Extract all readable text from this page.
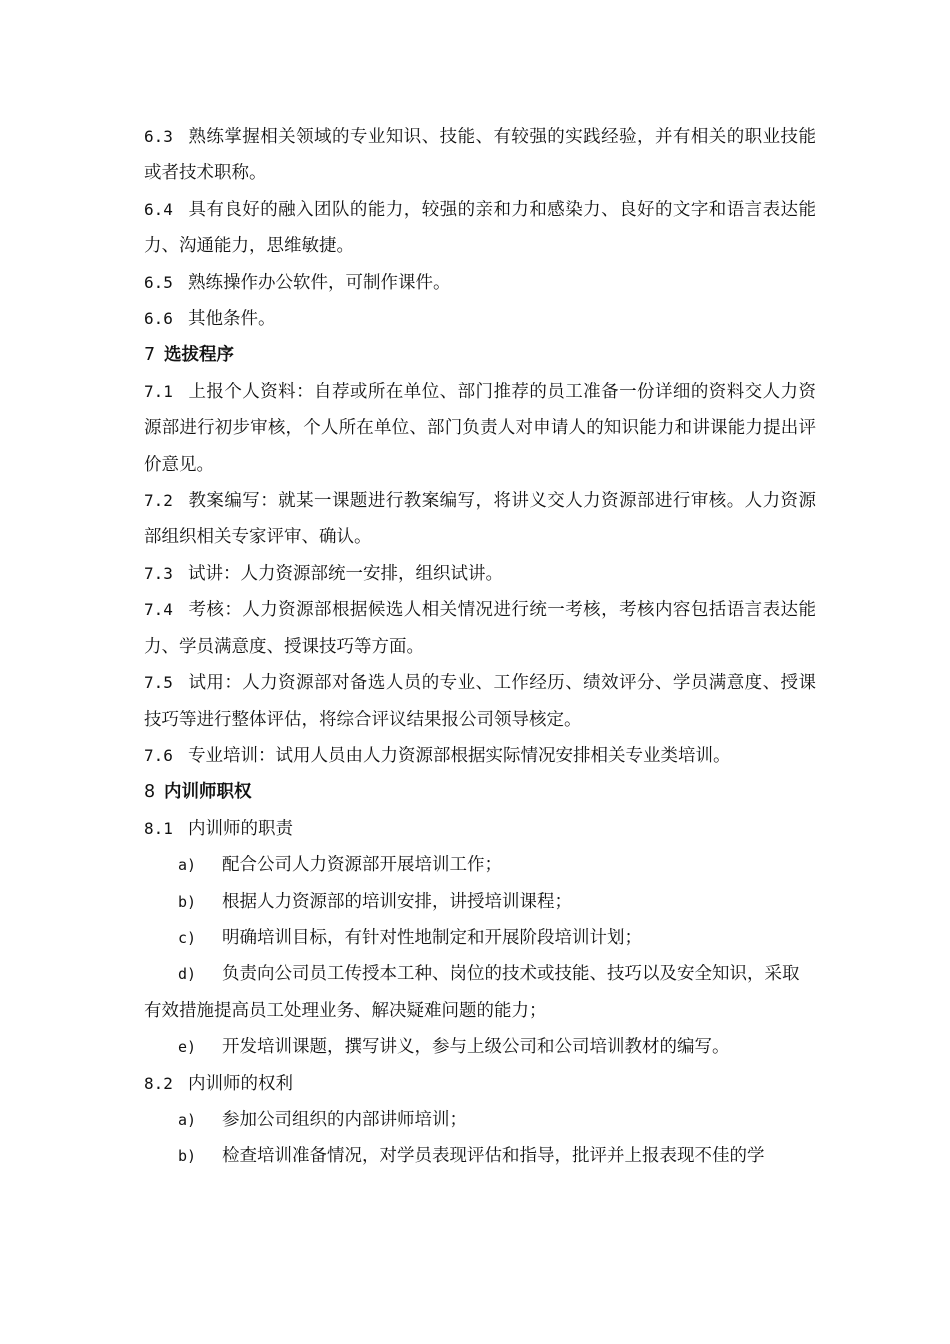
6.3 熟练掌握相关领域的专业知识、技能、有较强的实践经验，并有相关的职业技能或者技术职称。

6.4 具有良好的融入团队的能力，较强的亲和力和感染力、良好的文字和语言表达能力、沟通能力，思维敏捷。

6.5 熟练操作办公软件，可制作课件。

6.6 其他条件。

7 选拔程序

7.1 上报个人资料：自荐或所在单位、部门推荐的员工准备一份详细的资料交人力资源部进行初步审核，个人所在单位、部门负责人对申请人的知识能力和讲课能力提出评价意见。

7.2 教案编写：就某一课题进行教案编写，将讲义交人力资源部进行审核。人力资源部组织相关专家评审、确认。

7.3 试讲：人力资源部统一安排，组织试讲。

7.4 考核：人力资源部根据候选人相关情况进行统一考核，考核内容包括语言表达能力、学员满意度、授课技巧等方面。

7.5 试用：人力资源部对备选人员的专业、工作经历、绩效评分、学员满意度、授课技巧等进行整体评估，将综合评议结果报公司领导核定。

7.6 专业培训：试用人员由人力资源部根据实际情况安排相关专业类培训。

8 内训师职权

8.1 内训师的职责

a) 配合公司人力资源部开展培训工作；

b) 根据人力资源部的培训安排，讲授培训课程；

c) 明确培训目标，有针对性地制定和开展阶段培训计划；

d) 负责向公司员工传授本工种、岗位的技术或技能、技巧以及安全知识，采取有效措施提高员工处理业务、解决疑难问题的能力；

e) 开发培训课题，撰写讲义，参与上级公司和公司培训教材的编写。

8.2 内训师的权利

a) 参加公司组织的内部讲师培训；

b) 检查培训准备情况，对学员表现评估和指导，批评并上报表现不佳的学
